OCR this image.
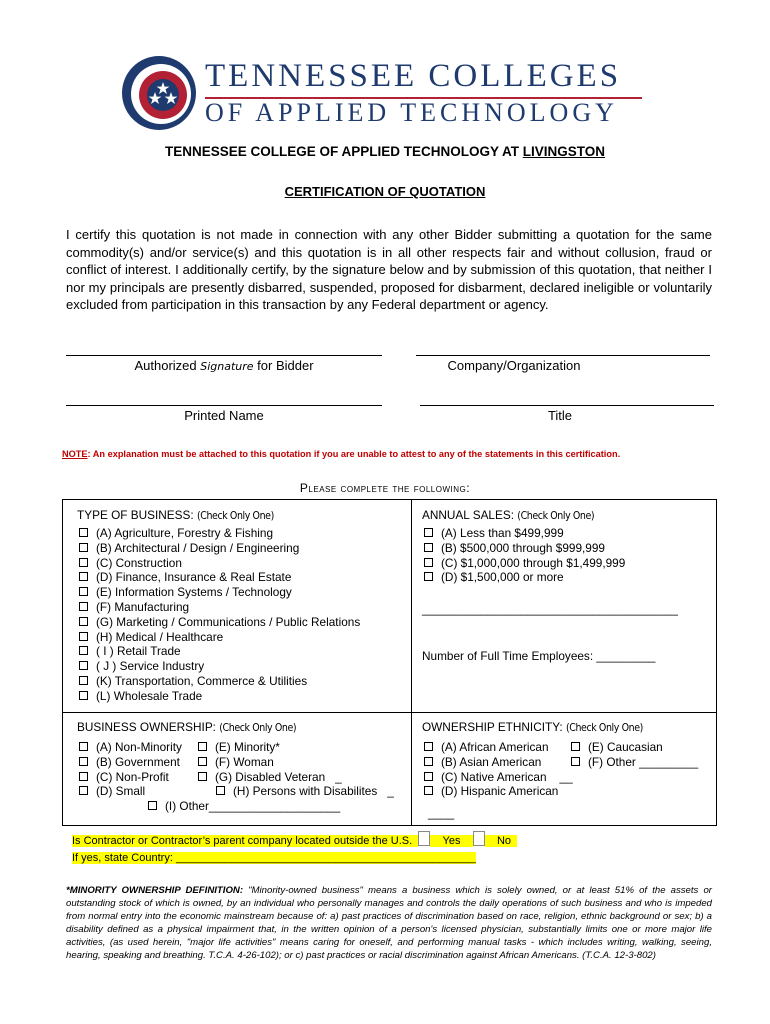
TENNESSEE COLLEGES
OF APPLIED TECHNOLOGY
TENNESSEE COLLEGE OF APPLIED TECHNOLOGY AT LIVINGSTON
CERTIFICATION OF QUOTATION
I certify this quotation is not made in connection with any other Bidder submitting a quotation for the same commodity(s) and/or service(s) and this quotation is in all other respects fair and without collusion, fraud or conflict of interest. I additionally certify, by the signature below and by submission of this quotation, that neither I nor my principals are presently disbarred, suspended, proposed for disbarment, declared ineligible or voluntarily excluded from participation in this transaction by any Federal department or agency.
Authorized Signature for Bidder	Company/Organization
Printed Name	Title
NOTE: An explanation must be attached to this quotation if you are unable to attest to any of the statements in this certification.
Please complete the following:
TYPE OF BUSINESS: (Check Only One)
(A) Agriculture, Forestry & Fishing
(B) Architectural / Design / Engineering
(C) Construction
(D) Finance, Insurance & Real Estate
(E) Information Systems / Technology
(F) Manufacturing
(G) Marketing / Communications / Public Relations
(H) Medical / Healthcare
( I ) Retail Trade
( J ) Service Industry
(K) Transportation, Commerce & Utilities
(L) Wholesale Trade
ANNUAL SALES: (Check Only One)
(A) Less than $499,999
(B) $500,000 through $999,999
(C) $1,000,000 through $1,499,999
(D) $1,500,000 or more
_______________________________________
Number of Full Time Employees: _________
BUSINESS OWNERSHIP: (Check Only One)
(A) Non-Minority
(B) Government
(C) Non-Profit
(D) Small
(E) Minority*
(F) Woman
(G) Disabled Veteran _
(H) Persons with Disabilites _
(I) Other____________________
OWNERSHIP ETHNICITY: (Check Only One)
(A) African American
(B) Asian American
(C) Native American __
(D) Hispanic American
(E) Caucasian
(F) Other _________
____
Is Contractor or Contractor’s parent company located outside the U.S.	Yes	No
If yes, state Country: _________________________________________________
*MINORITY OWNERSHIP DEFINITION: "Minority-owned business" means a business which is solely owned, or at least 51% of the assets or outstanding stock of which is owned, by an individual who personally manages and controls the daily operations of such business and who is impeded from normal entry into the economic mainstream because of: a) past practices of discrimination based on race, religion, ethnic background or sex; b) a disability defined as a physical impairment that, in the written opinion of a person's licensed physician, substantially limits one or more major life activities, (as used herein, "major life activities" means caring for oneself, and performing manual tasks - which includes writing, walking, seeing, hearing, speaking and breathing. T.C.A. 4-26-102); or c) past practices or racial discrimination against African Americans. (T.C.A. 12-3-802)
